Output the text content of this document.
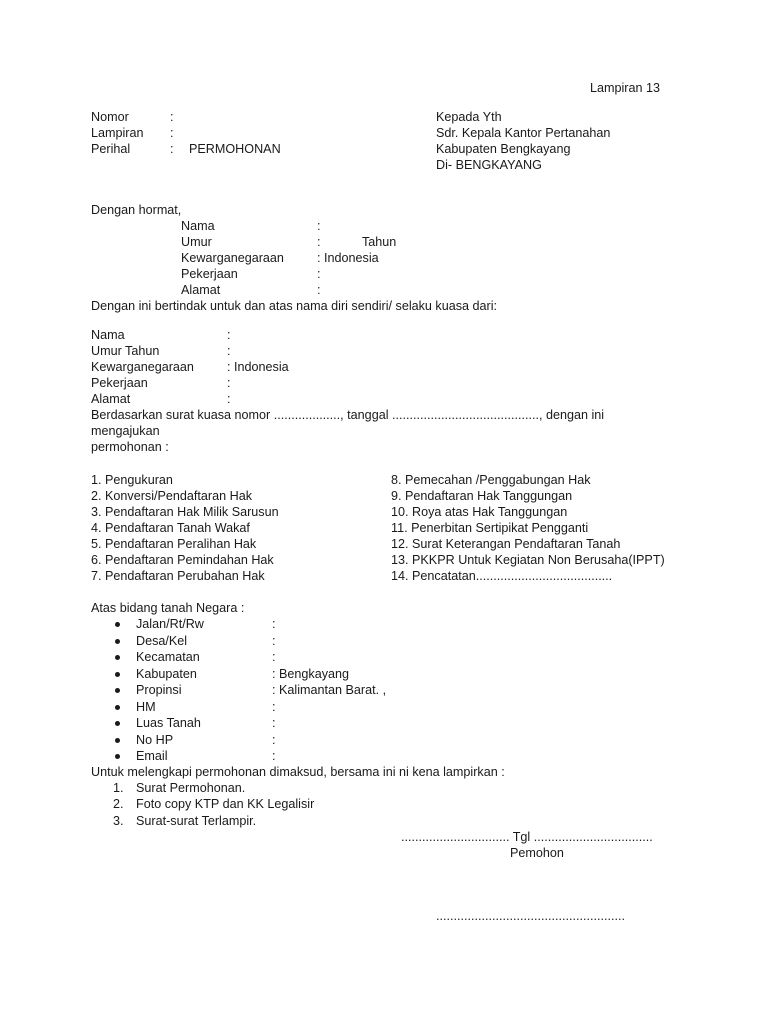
Lampiran 13
Nomor	:
Lampiran :
Perihal	: PERMOHONAN
Kepada Yth
Sdr. Kepala Kantor Pertanahan
Kabupaten Bengkayang
Di- BENGKAYANG
Dengan hormat,
Nama	:
Umur	:	Tahun
Kewarganegaraan	: Indonesia
Pekerjaan	:
Alamat	:
Dengan ini bertindak untuk dan atas nama diri sendiri/ selaku kuasa dari:
Nama	:
Umur Tahun	:
Kewarganegaraan	: Indonesia
Pekerjaan	:
Alamat	:
Berdasarkan surat kuasa nomor ..................., tanggal .........................................., dengan ini
mengajukan
permohonan :
1. Pengukuran
2. Konversi/Pendaftaran Hak
3. Pendaftaran Hak Milik Sarusun
4. Pendaftaran Tanah Wakaf
5. Pendaftaran Peralihan Hak
6. Pendaftaran Pemindahan Hak
7. Pendaftaran Perubahan Hak
8. Pemecahan /Penggabungan Hak
9. Pendaftaran Hak Tanggungan
10. Roya atas Hak Tanggungan
11. Penerbitan Sertipikat Pengganti
12. Surat Keterangan Pendaftaran Tanah
13. PKKPR Untuk Kegiatan Non Berusaha(IPPT)
14. Pencatatan.......................................
Atas bidang tanah Negara :
Jalan/Rt/Rw	:
Desa/Kel	:
Kecamatan	:
Kabupaten	: Bengkayang
Propinsi	: Kalimantan Barat. ,
HM	:
Luas Tanah	:
No HP	:
Email	:
Untuk melengkapi permohonan dimaksud, bersama ini ni kena lampirkan :
1. Surat Permohonan.
2. Foto copy KTP dan KK Legalisir
3. Surat-surat Terlampir.
............................... Tgl ..................................
Pemohon
......................................................
